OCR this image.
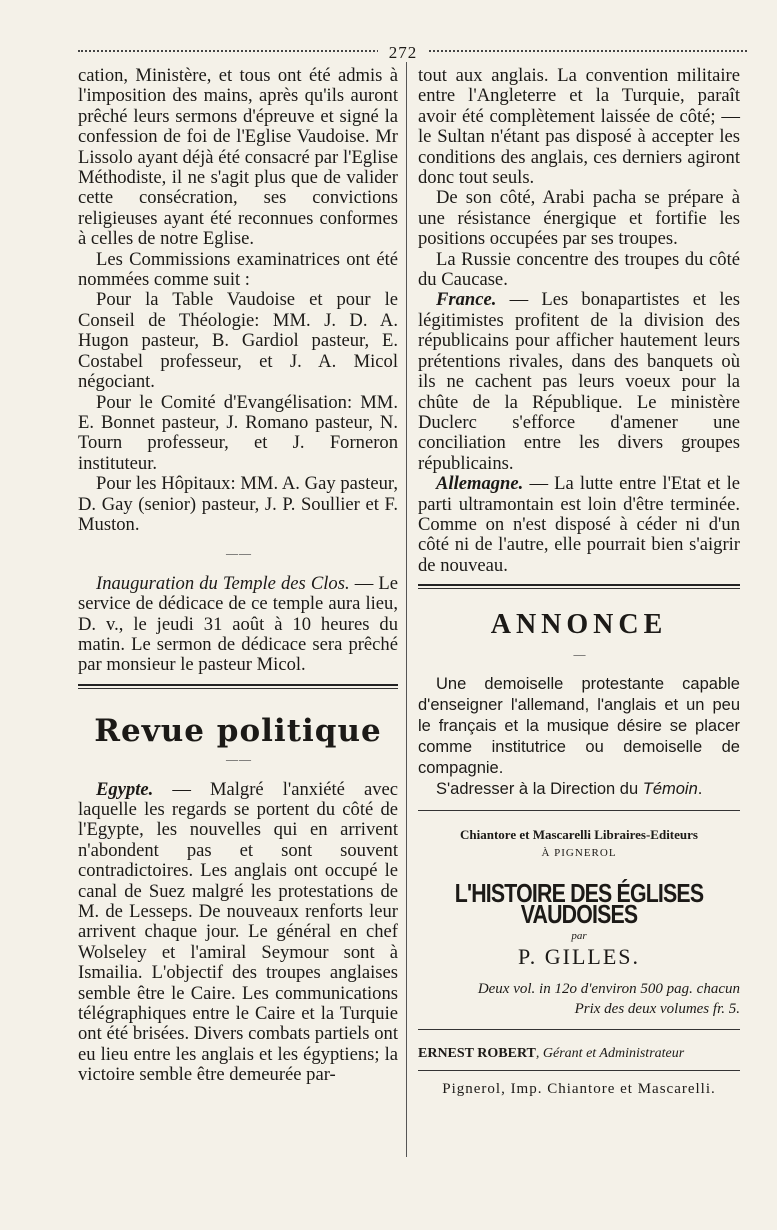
272

cation, Ministère, et tous ont été admis à l'imposition des mains, après qu'ils auront prêché leurs sermons d'épreuve et signé la confession de foi de l'Eglise Vaudoise. Mr Lissolo ayant déjà été consacré par l'Eglise Méthodiste, il ne s'agit plus que de valider cette consécration, ses convictions religieuses ayant été reconnues conformes à celles de notre Eglise.

Les Commissions examinatrices ont été nommées comme suit :

Pour la Table Vaudoise et pour le Conseil de Théologie: MM. J. D. A. Hugon pasteur, B. Gardiol pasteur, E. Costabel professeur, et J. A. Micol négociant.

Pour le Comité d'Evangélisation: MM. E. Bonnet pasteur, J. Romano pasteur, N. Tourn professeur, et J. Forneron instituteur.

Pour les Hôpitaux: MM. A. Gay pasteur, D. Gay (senior) pasteur, J. P. Soullier et F. Muston.

— —

Inauguration du Temple des Clos. — Le service de dédicace de ce temple aura lieu, D. v., le jeudi 31 août à 10 heures du matin. Le sermon de dédicace sera prêché par monsieur le pasteur Micol.

Revue politique
— —

Egypte. — Malgré l'anxiété avec laquelle les regards se portent du côté de l'Egypte, les nouvelles qui en arrivent n'abondent pas et sont souvent contradictoires. Les anglais ont occupé le canal de Suez malgré les protestations de M. de Lesseps. De nouveaux renforts leur arrivent chaque jour. Le général en chef Wolseley et l'amiral Seymour sont à Ismailia. L'objectif des troupes anglaises semble être le Caire. Les communications télégraphiques entre le Caire et la Turquie ont été brisées. Divers combats partiels ont eu lieu entre les anglais et les égyptiens; la victoire semble être demeurée par-

tout aux anglais. La convention militaire entre l'Angleterre et la Turquie, paraît avoir été complètement laissée de côté; — le Sultan n'étant pas disposé à accepter les conditions des anglais, ces derniers agiront donc tout seuls.

De son côté, Arabi pacha se prépare à une résistance énergique et fortifie les positions occupées par ses troupes.

La Russie concentre des troupes du côté du Caucase.

France. — Les bonapartistes et les légitimistes profitent de la division des républicains pour afficher hautement leurs prétentions rivales, dans des banquets où ils ne cachent pas leurs voeux pour la chûte de la République. Le ministère Duclerc s'efforce d'amener une conciliation entre les divers groupes républicains.

Allemagne. — La lutte entre l'Etat et le parti ultramontain est loin d'être terminée. Comme on n'est disposé à céder ni d'un côté ni de l'autre, elle pourrait bien s'aigrir de nouveau.

ANNONCE
—

Une demoiselle protestante capable d'enseigner l'allemand, l'anglais et un peu le français et la musique désire se placer comme institutrice ou demoiselle de compagnie.

S'adresser à la Direction du Témoin.

Chiantore et Mascarelli Libraires-Editeurs
À PIGNEROL
L'HISTOIRE DES ÉGLISES VAUDOISES
par
P. GILLES.
Deux vol. in 12o d'environ 500 pag. chacun
Prix des deux volumes fr. 5.
ERNEST ROBERT, Gérant et Administrateur
Pignerol, Imp. Chiantore et Mascarelli.
